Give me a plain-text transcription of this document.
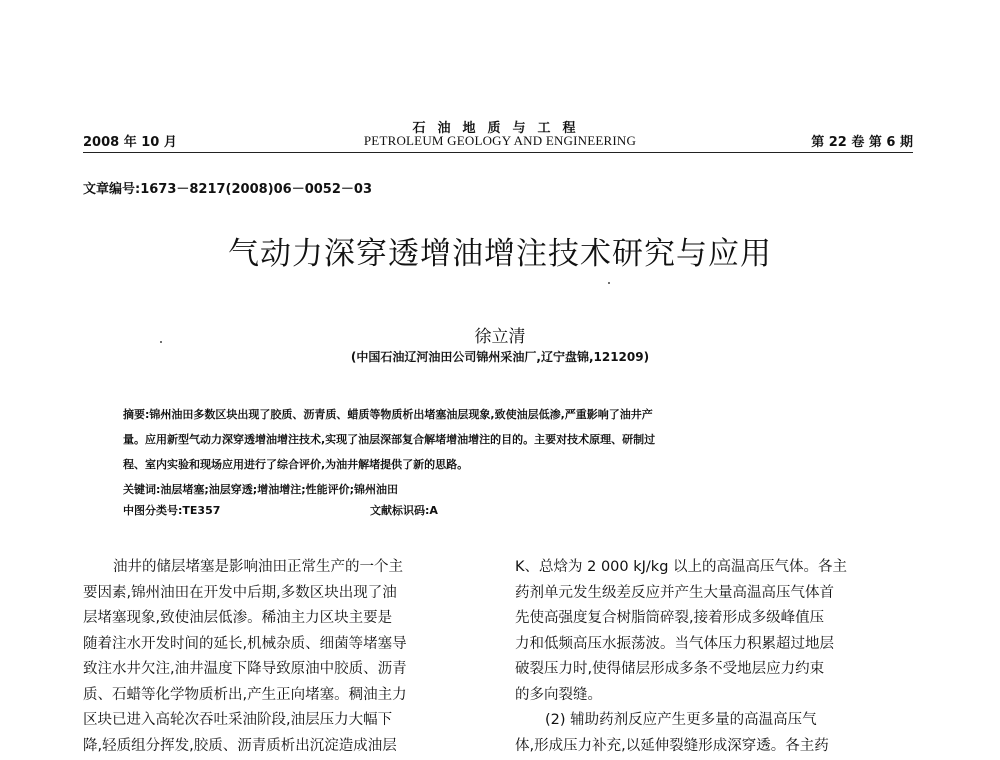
石油地质与工程
PETROLEUM GEOLOGY AND ENGINEERING
2008 年 10 月	第 22 卷 第 6 期
文章编号:1673－8217(2008)06－0052－03
气动力深穿透增油增注技术研究与应用
徐立清
(中国石油辽河油田公司锦州采油厂,辽宁盘锦,121209)
摘要:锦州油田多数区块出现了胶质、沥青质、蜡质等物质析出堵塞油层现象,致使油层低渗,严重影响了油井产
量。应用新型气动力深穿透增油增注技术,实现了油层深部复合解堵增油增注的目的。主要对技术原理、研制过
程、室内实验和现场应用进行了综合评价,为油井解堵提供了新的思路。
关键词:油层堵塞;油层穿透;增油增注;性能评价;锦州油田
中图分类号:TE357	文献标识码:A
油井的储层堵塞是影响油田正常生产的一个主
要因素,锦州油田在开发中后期,多数区块出现了油
层堵塞现象,致使油层低渗。稀油主力区块主要是
随着注水开发时间的延长,机械杂质、细菌等堵塞导
致注水井欠注,油井温度下降导致原油中胶质、沥青
质、石蜡等化学物质析出,产生正向堵塞。稠油主力
区块已进入高轮次吞吐采油阶段,油层压力大幅下
降,轻质组分挥发,胶质、沥青质析出沉淀造成油层
K、总焓为 2 000 kJ/kg 以上的高温高压气体。各主
药剂单元发生级差反应并产生大量高温高压气体首
先使高强度复合树脂筒碎裂,接着形成多级峰值压
力和低频高压水振荡波。当气体压力积累超过地层
破裂压力时,使得储层形成多条不受地层应力约束
的多向裂缝。
(2) 辅助药剂反应产生更多量的高温高压气
体,形成压力补充,以延伸裂缝形成深穿透。各主药
